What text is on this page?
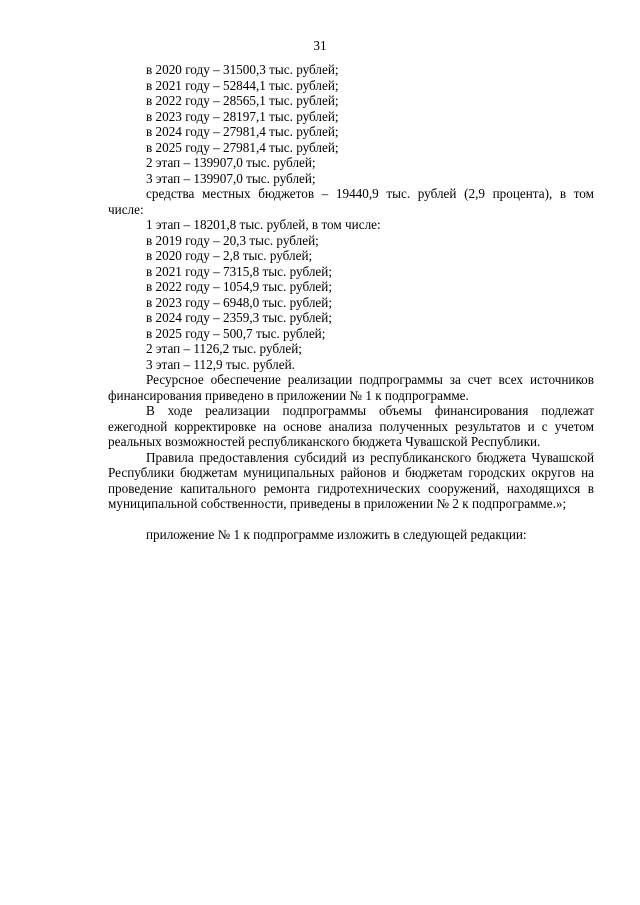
31
в 2020 году – 31500,3 тыс. рублей;
в 2021 году – 52844,1 тыс. рублей;
в 2022 году – 28565,1 тыс. рублей;
в 2023 году – 28197,1 тыс. рублей;
в 2024 году – 27981,4 тыс. рублей;
в 2025 году – 27981,4 тыс. рублей;
2 этап – 139907,0 тыс. рублей;
3 этап – 139907,0 тыс. рублей;
средства местных бюджетов – 19440,9 тыс. рублей (2,9 процента), в том
числе:
1 этап – 18201,8 тыс. рублей, в том числе:
в 2019 году – 20,3 тыс. рублей;
в 2020 году – 2,8 тыс. рублей;
в 2021 году – 7315,8 тыс. рублей;
в 2022 году – 1054,9 тыс. рублей;
в 2023 году – 6948,0 тыс. рублей;
в 2024 году – 2359,3 тыс. рублей;
в 2025 году – 500,7 тыс. рублей;
2 этап – 1126,2 тыс. рублей;
3 этап – 112,9 тыс. рублей.
Ресурсное обеспечение реализации подпрограммы за счет всех источников финансирования приведено в приложении № 1 к подпрограмме.
В ходе реализации подпрограммы объемы финансирования подлежат ежегодной корректировке на основе анализа полученных результатов и с учетом реальных возможностей республиканского бюджета Чувашской Республики.
Правила предоставления субсидий из республиканского бюджета Чувашской Республики бюджетам муниципальных районов и бюджетам городских округов на проведение капитального ремонта гидротехнических сооружений, находящихся в муниципальной собственности, приведены в приложении № 2 к подпрограмме.»;
приложение № 1 к подпрограмме изложить в следующей редакции:
